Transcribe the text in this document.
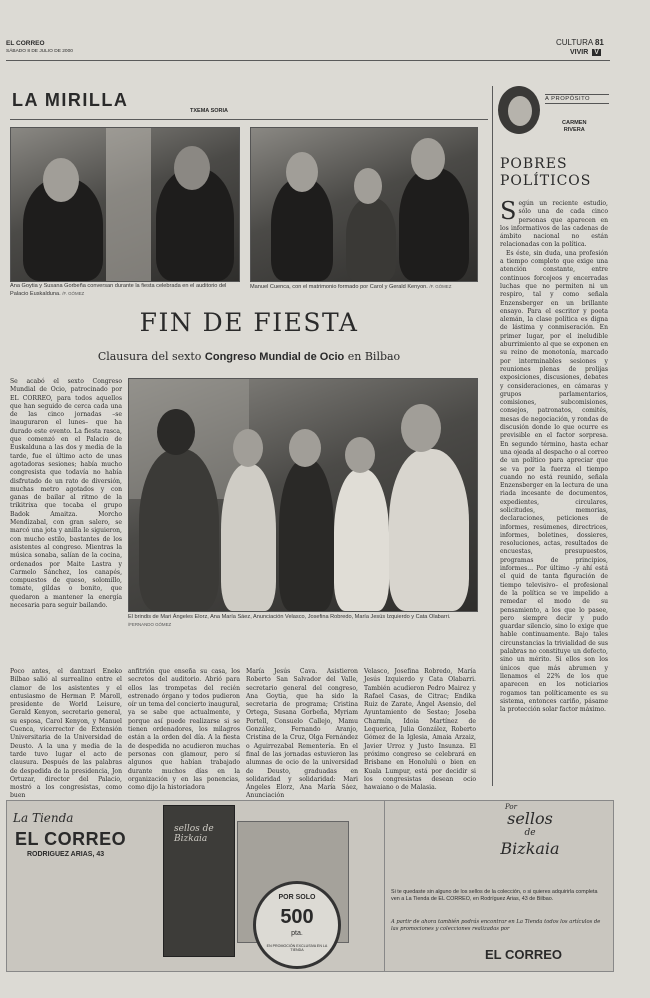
EL CORREO
SÁBADO 8 DE JULIO DE 2000
CULTURA 81
VIVIR V
LA MIRILLA
TXEMA SORIA
Ana Goytia y Susana Gorbeña conversan durante la fiesta celebrada en el auditorio del Palacio Euskalduna. /F. GÓMEZ
Manuel Cuenca, con el matrimonio formado por Carol y Gerald Kenyon. /F. GÓMEZ
FIN DE FIESTA
Clausura del sexto Congreso Mundial de Ocio en Bilbao
Se acabó el sexto Congreso Mundial de Ocio, patrocinado por EL CORREO, para todos aquellos que han seguido de cerca cada una de las cinco jornadas –se inauguraron el lunes– que ha durado este evento. La fiesta rasca, que comenzó en el Palacio de Euskalduna a las dos y media de la tarde, fue el último acto de unas agotadoras sesiones; había mucho congresista que todavía no había disfrutado de un rato de diversión, muchas metro agotados y con ganas de bailar al ritmo de la trikitrixa que tocaba el grupo Badok Amaitza. Morcho Mendizabal, con gran salero, se marcó una jota y anilla le siguieron, con mucho estilo, bastantes de los asistentes al congreso. Mientras la música sonaba, salían de la cocina, ordenados por Maite Lastra y Carmelo Sánchez, los canapés, compuestos de queso, solomillo, tomate, gildas o bonito, que quedaron a mantener la energía necesaria para seguir bailando.
El brindis de Mari Ángeles Elorz, Ana María Sáez, Anunciación Velasco, Josefina Robredo, María Jesús Izquierdo y Cata Olabarri. /FERNANDO GÓMEZ
Poco antes, el dantzari Eneko Bilbao salió al surrealino entre el clamor de los asistentes y el entusiasmo de Herman P. Maroll, presidente de World Leisure, Gerald Kenyon, secretario general, su esposa, Carol Kenyon, y Manuel Cuenca, vicerrector de Extensión Universitaria de la Universidad de Deusto. A la una y media de la tarde tuvo lugar el acto de clausura. Después de las palabras de despedida de la presidencia, Jon Ortuzar, director del Palacio, mostró a los congresistas, como buen
anfitrión que enseña su casa, los secretos del auditorio. Abrió para ellos las trompetas del recién estrenado órgano y todos pudieron oír un tema del concierto inaugural, ya se sabe que actualmente, y porque así puede realizarse si se tienen ordenadores, los milagros están a la orden del día. A la fiesta de despedida no acudieron muchas personas con glamour, pero sí algunos que habían trabajado durante muchos días en la organización y en las ponencias, como dijo la historiadora
María Jesús Cava. Asistieron Roberto San Salvador del Valle, secretario general del congreso, Ana Goytia, que ha sido la secretaria de programa; Cristina Ortega, Susana Gorbeña, Myriam Portell, Consuelo Callejo, Mamu González, Fernando Aranjo, Cristina de la Cruz, Olga Fernández o Aguirrezabal Rementería. En el final de las jornadas estuvieron las alumnas de ocio de la universidad de Deusto, graduadas en solidaridad y solidaridad: Mari Ángeles Elorz, Ana María Sáez, Anunciación
Velasco, Josefina Robredo, María Jesús Izquierdo y Cata Olabarri. También acudieron Pedro Mairez y Rafael Casas, de Citrac; Endika Ruiz de Zarate, Ángel Asensio, del Ayuntamiento de Sestao; Joseba Charmín, Idoia Martínez de Lequerica, Julia González, Roberto Gómez de la Iglesia, Amaia Arzaiz, Javier Urroz y Justo Insunza. El próximo congreso se celebrará en Brisbane en Honolulú o bien en Kuala Lumpur, está por decidir si los congresistas desean ocio hawaiano o de Malasia.
A PROPÓSITO
CARMEN
RIVERA
POBRES
POLÍTICOS
Según un reciente estudio, sólo una de cada cinco personas que aparecen en los informativos de las cadenas de ámbito nacional no están relacionadas con la política.
Es éste, sin duda, una profesión a tiempo completo que exige una atención constante, entre continuos forcejeos y encerradas luchas que no permiten ni un respiro, tal y como señala Enzensberger en un brillante ensayo. Para el escritor y poeta alemán, la clase política es digna de lástima y conmiseración. En primer lugar, por el ineludible aburrimiento al que se exponen en su reino de monotonía, marcado por interminables sesiones y reuniones plenas de prolijas exposiciones, discusiones, debates y consideraciones, en cámaras y grupos parlamentarios, comisiones, subcomisiones, consejos, patronatos, comités, mesas de negociación, y rondas de discusión donde lo que ocurre es previsible en el factor sorpresa. En segundo término, hasta echar una ojeada al despacho o al correo de un político para apreciar que se va por la fuerza el tiempo cuando no está reunido, señala Enzensberger en la lectura de una riada incesante de documentos, expedientes, circulares, solicitudes, memorias, declaraciones, peticiones de informes, resúmenes, directrices, informes, boletines, dossieres, resoluciones, actas, resultados de encuestas, presupuestos, programas de principios, informes... Por último –y ahí está el quid de tanta figuración de tiempo televisivo– el profesional de la política se ve impelido a remedar el modo de su pensamiento, a los que lo pasee, pero siempre decir y pudo guardar silencio, sino lo exige que hable continuamente. Bajo tales circunstancias la trivialidad de sus palabras no constituye un defecto, sino un mérito. Si ellos son los únicos que más abrumen y llenamos el 22% de los que aparecen en los noticiarios rogamos tan políticamente es su sistema, entonces cariño, pásame la protección solar factor máximo.
La Tienda
EL CORREO
RODRIGUEZ ARIAS, 43
sellos de Bizkaia
POR SOLO
500
pta.
EN PROMOCIÓN EXCLUSIVA EN LA TIENDA
Por
sellos
de
Bizkaia
Si te quedaste sin alguno de los sellos de la colección, o si quieres adquirirla completa ven a La Tienda de EL CORREO, en Rodríguez Arias, 43 de Bilbao.
A partir de ahora también podrás encontrar en La Tienda todos los artículos de las promociones y colecciones realizadas por
EL CORREO
